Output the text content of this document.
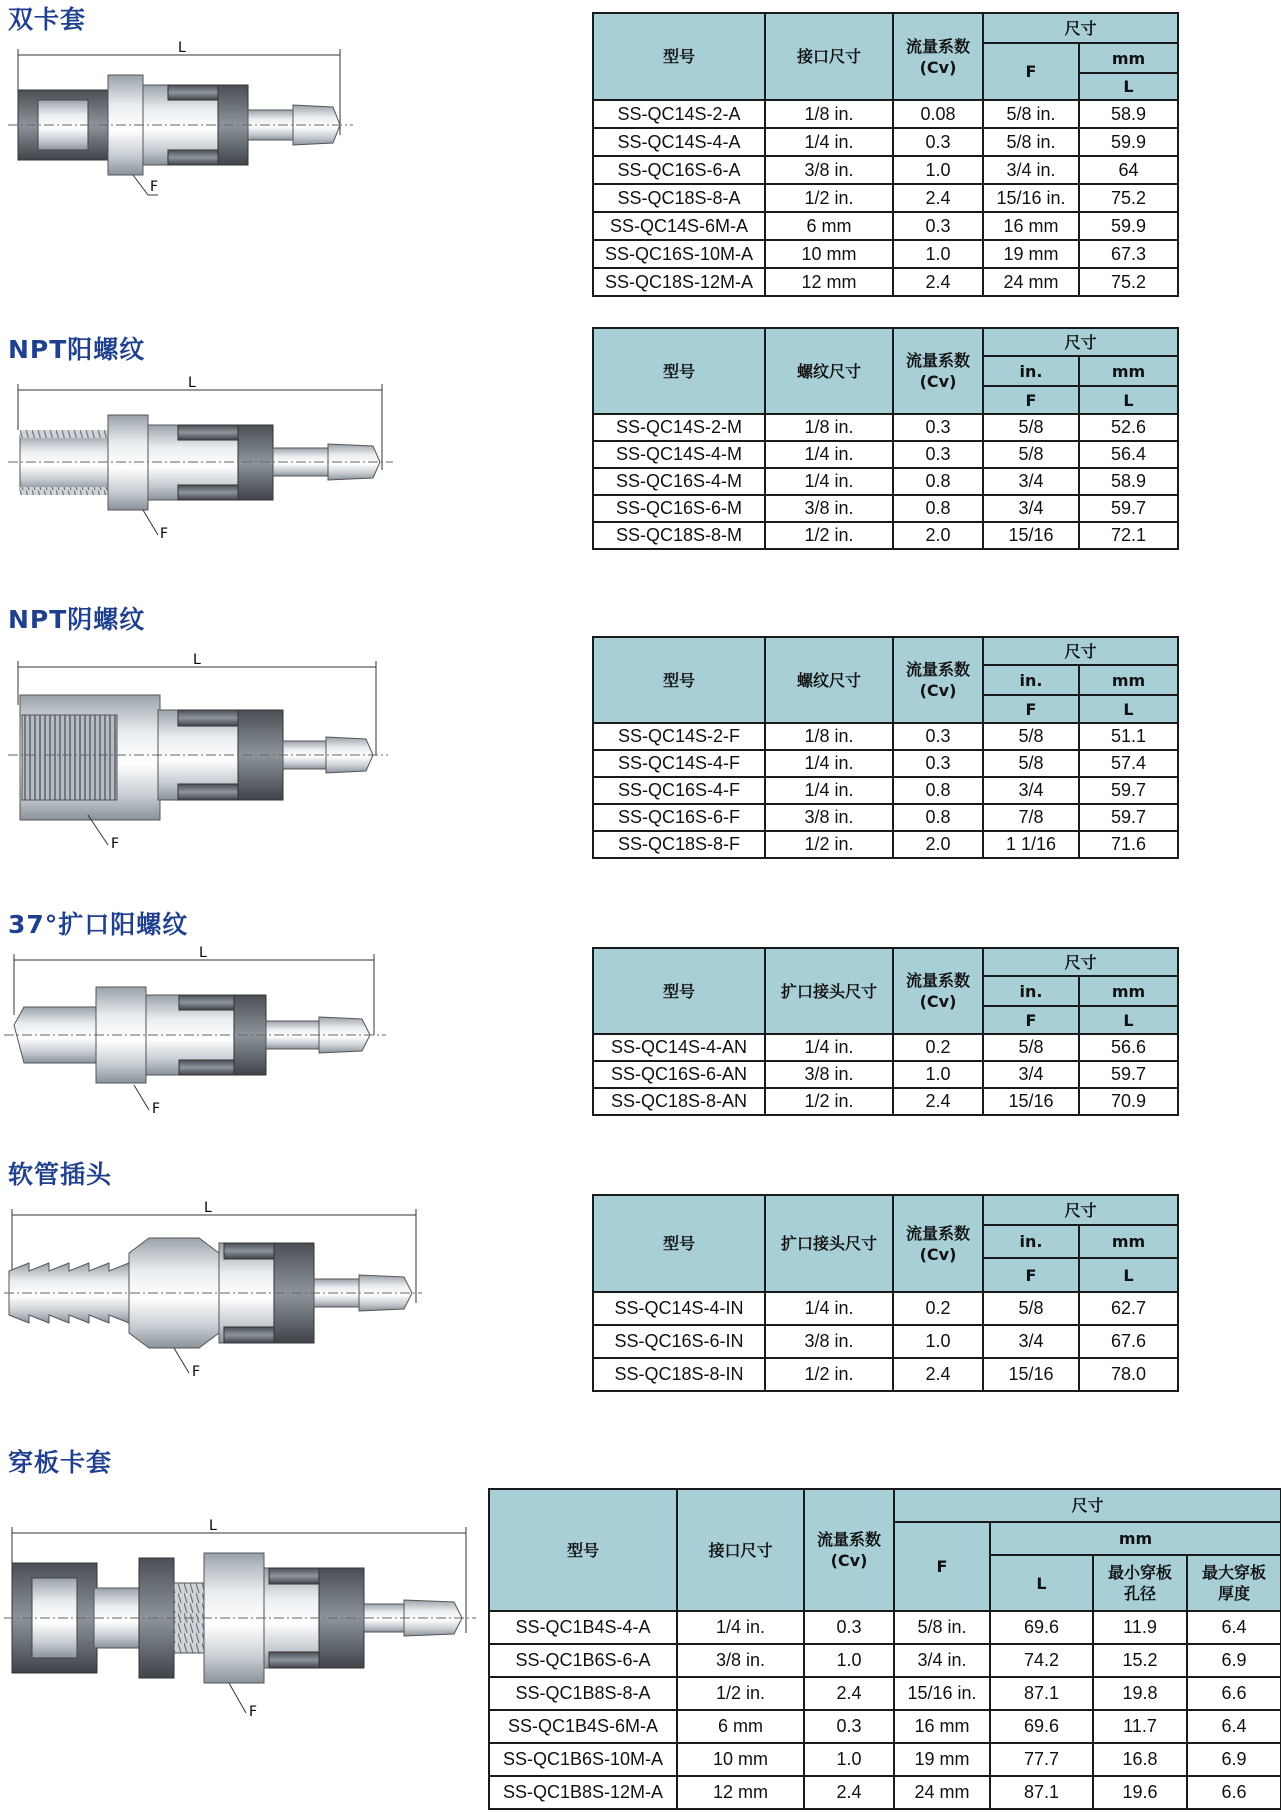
双卡套
L
F
型号	接口尺寸	流量系数
(Cv)	尺寸	
			F	mm
				L
SS-QC14S-2-A	1/8 in.	0.08	5/8 in.	58.9
SS-QC14S-4-A	1/4 in.	0.3	5/8 in.	59.9
SS-QC16S-6-A	3/8 in.	1.0	3/4 in.	64
SS-QC18S-8-A	1/2 in.	2.4	15/16 in.	75.2
SS-QC14S-6M-A	6 mm	0.3	16 mm	59.9
SS-QC16S-10M-A	10 mm	1.0	19 mm	67.3
SS-QC18S-12M-A	12 mm	2.4	24 mm	75.2
NPT阳螺纹
L
F
型号	螺纹尺寸	流量系数
(Cv)	尺寸	
			in.	mm
			F	L
SS-QC14S-2-M	1/8 in.	0.3	5/8	52.6
SS-QC14S-4-M	1/4 in.	0.3	5/8	56.4
SS-QC16S-4-M	1/4 in.	0.8	3/4	58.9
SS-QC16S-6-M	3/8 in.	0.8	3/4	59.7
SS-QC18S-8-M	1/2 in.	2.0	15/16	72.1
NPT阴螺纹
L
F
型号	螺纹尺寸	流量系数
(Cv)	尺寸	
			in.	mm
			F	L
SS-QC14S-2-F	1/8 in.	0.3	5/8	51.1
SS-QC14S-4-F	1/4 in.	0.3	5/8	57.4
SS-QC16S-4-F	1/4 in.	0.8	3/4	59.7
SS-QC16S-6-F	3/8 in.	0.8	7/8	59.7
SS-QC18S-8-F	1/2 in.	2.0	1 1/16	71.6
37°扩口阳螺纹
L
F
型号	扩口接头尺寸	流量系数
(Cv)	尺寸	
			in.	mm
			F	L
SS-QC14S-4-AN	1/4 in.	0.2	5/8	56.6
SS-QC16S-6-AN	3/8 in.	1.0	3/4	59.7
SS-QC18S-8-AN	1/2 in.	2.4	15/16	70.9
软管插头
L
F
型号	扩口接头尺寸	流量系数
(Cv)	尺寸	
			in.	mm
			F	L
SS-QC14S-4-IN	1/4 in.	0.2	5/8	62.7
SS-QC16S-6-IN	3/8 in.	1.0	3/4	67.6
SS-QC18S-8-IN	1/2 in.	2.4	15/16	78.0
穿板卡套
L
F
型号	接口尺寸	流量系数
(Cv)	尺寸			
			F	mm		
				L	最小穿板孔径	最大穿板厚度
SS-QC1B4S-4-A	1/4 in.	0.3	5/8 in.	69.6	11.9	6.4
SS-QC1B6S-6-A	3/8 in.	1.0	3/4 in.	74.2	15.2	6.9
SS-QC1B8S-8-A	1/2 in.	2.4	15/16 in.	87.1	19.8	6.6
SS-QC1B4S-6M-A	6 mm	0.3	16 mm	69.6	11.7	6.4
SS-QC1B6S-10M-A	10 mm	1.0	19 mm	77.7	16.8	6.9
SS-QC1B8S-12M-A	12 mm	2.4	24 mm	87.1	19.6	6.6
